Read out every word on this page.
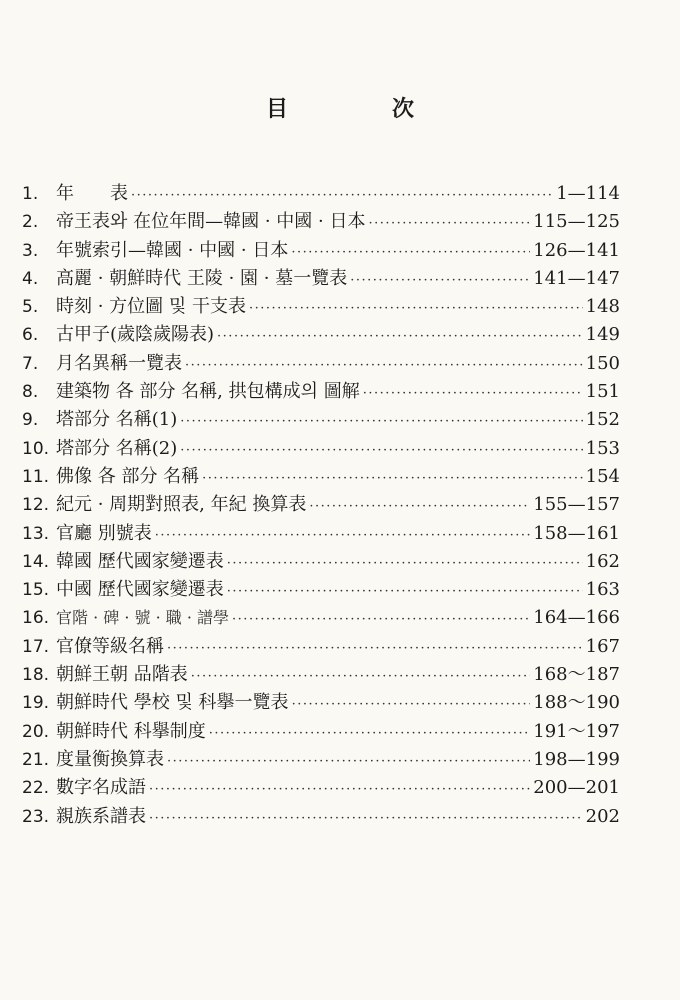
目	次
1. 年　　表 ·····	1—114
2. 帝王表와 在位年間—韓國 · 中國 · 日本 ·····	115—125
3. 年號索引—韓國 · 中國 · 日本 ·····	126—141
4. 高麗 · 朝鮮時代 王陵 · 園 · 墓一覽表 ·····	141—147
5. 時刻 · 方位圖 및 干支表 ·····	148
6. 古甲子(歲陰歲陽表) ·····	149
7. 月名異稱一覽表 ·····	150
8. 建築物 各 部分 名稱, 拱包構成의 圖解 ·····	151
9. 塔部分 名稱(1) ·····	152
10. 塔部分 名稱(2) ·····	153
11. 佛像 各 部分 名稱 ·····	154
12. 紀元 · 周期對照表, 年紀 換算表 ·····	155—157
13. 官廳 別號表 ·····	158—161
14. 韓國 歷代國家變遷表 ·····	162
15. 中國 歷代國家變遷表 ·····	163
16. 官階 · 碑 · 號 · 職 · 譜學 ·····	164—166
17. 官僚等級名稱 ·····	167
18. 朝鮮王朝 品階表 ·····	168～187
19. 朝鮮時代 學校 및 科擧一覽表 ·····	188～190
20. 朝鮮時代 科擧制度 ·····	191～197
21. 度量衡換算表 ·····	198—199
22. 數字名成語 ·····	200—201
23. 親族系譜表 ·····	202
